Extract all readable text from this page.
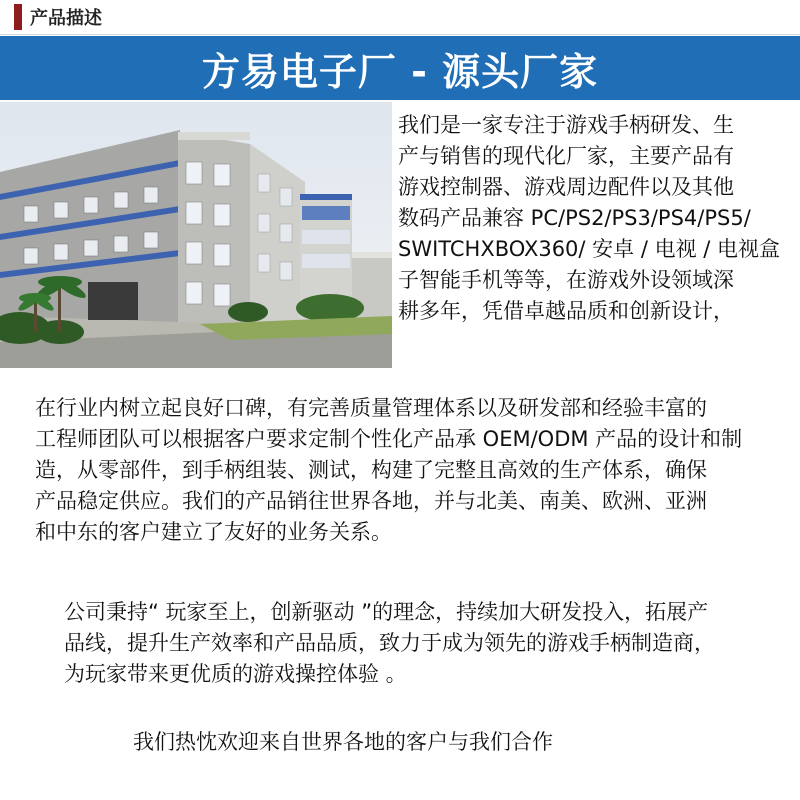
产品描述
方易电子厂 - 源头厂家

我们是一家专注于游戏手柄研发、生
产与销售的现代化厂家，主要产品有
游戏控制器、游戏周边配件以及其他
数码产品兼容 PC/PS2/PS3/PS4/PS5/
SWITCHXBOX360/ 安卓 / 电视 / 电视盒
子智能手机等等，在游戏外设领域深
耕多年，凭借卓越品质和创新设计，

在行业内树立起良好口碑，有完善质量管理体系以及研发部和经验丰富的
工程师团队可以根据客户要求定制个性化产品承 OEM/ODM 产品的设计和制
造，从零部件，到手柄组装、测试，构建了完整且高效的生产体系，确保
产品稳定供应。我们的产品销往世界各地，并与北美、南美、欧洲、亚洲
和中东的客户建立了友好的业务关系。

公司秉持“ 玩家至上，创新驱动 ”的理念，持续加大研发投入，拓展产
品线，提升生产效率和产品品质，致力于成为领先的游戏手柄制造商，
为玩家带来更优质的游戏操控体验 。

我们热忱欢迎来自世界各地的客户与我们合作
